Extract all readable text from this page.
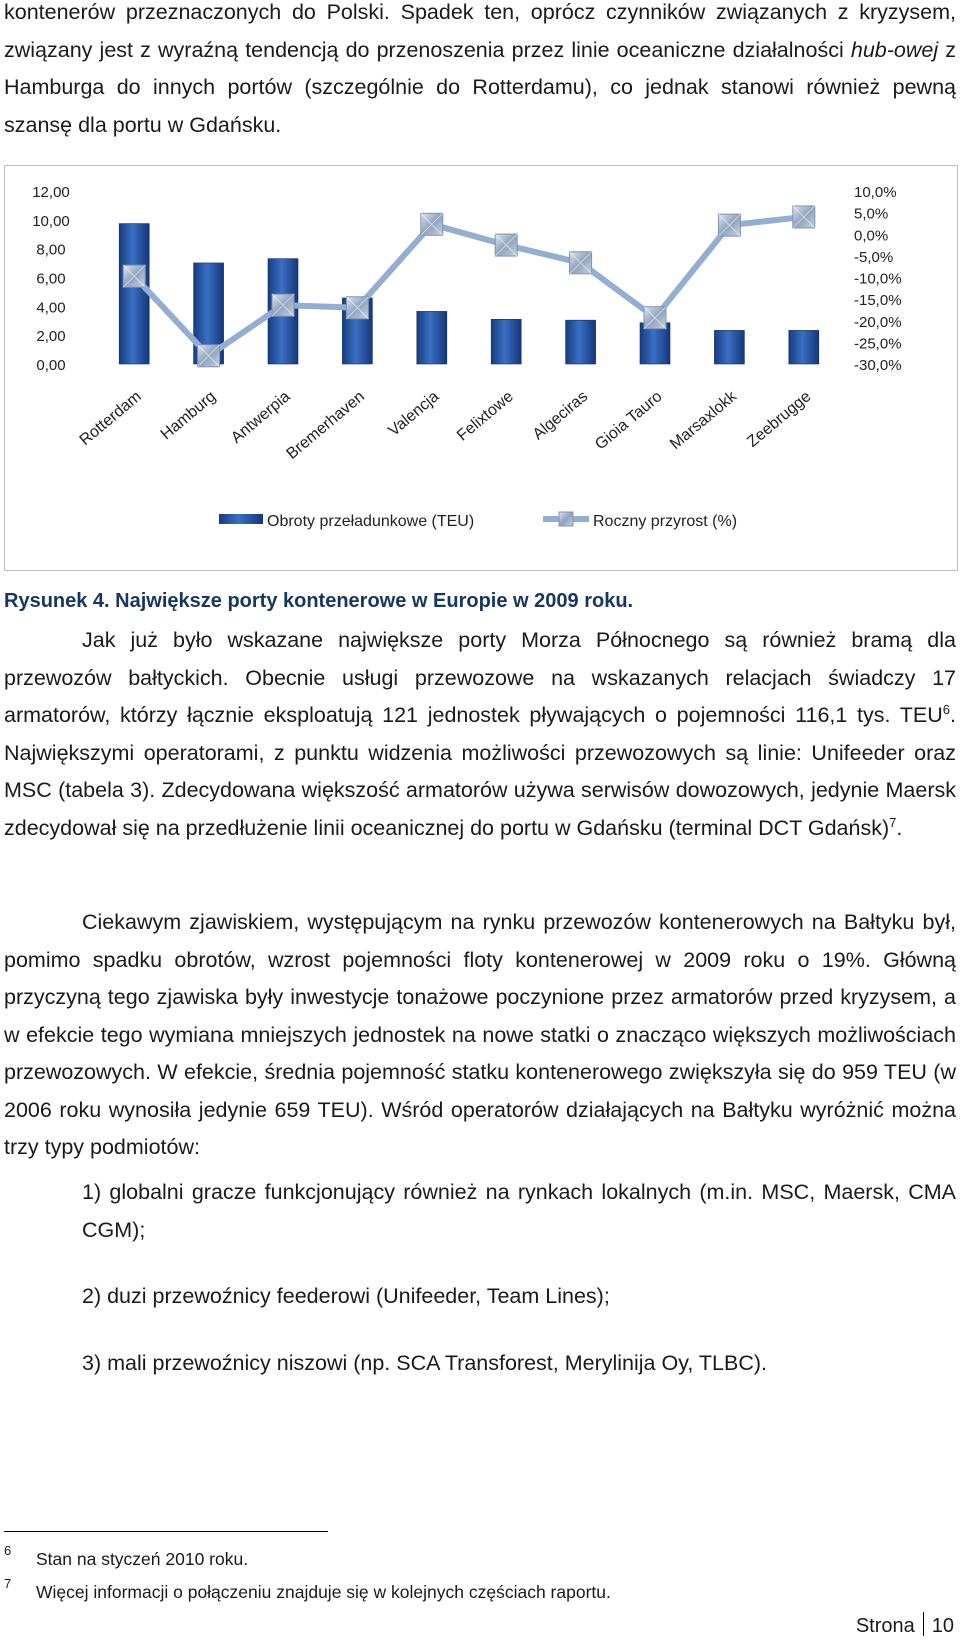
kontenerów przeznaczonych do Polski. Spadek ten, oprócz czynników związanych z kryzysem, związany jest z wyraźną tendencją do przenoszenia przez linie oceaniczne działalności hub-owej z Hamburga do innych portów (szczególnie do Rotterdamu), co jednak stanowi również pewną szansę dla portu w Gdańsku.

12,00
10,00
8,00
6,00
4,00
2,00
0,00
10,0%
5,0%
0,0%
-5,0%
-10,0%
-15,0%
-20,0%
-25,0%
-30,0%
Rotterdam Hamburg Antwerpia
Bremerhaven Valencja Felixtowe Algeciras Gioia Tauro Marsaxlokk Zeebrugge
Obroty przeładunkowe (TEU)	Roczny przyrost (%)
Rysunek 4. Największe porty kontenerowe w Europie w 2009 roku.

Jak już było wskazane największe porty Morza Północnego są również bramą dla przewozów bałtyckich. Obecnie usługi przewozowe na wskazanych relacjach świadczy 17 armatorów, którzy łącznie eksploatują 121 jednostek pływających o pojemności 116,1 tys. TEU$^6$. Największymi operatorami, z punktu widzenia możliwości przewozowych są linie: Unifeeder oraz MSC (tabela 3). Zdecydowana większość armatorów używa serwisów dowozowych, jedynie Maersk zdecydował się na przedłużenie linii oceanicznej do portu w Gdańsku (terminal DCT Gdańsk)$^7$.

Ciekawym zjawiskiem, występującym na rynku przewozów kontenerowych na Bałtyku był, pomimo spadku obrotów, wzrost pojemności floty kontenerowej w 2009 roku o 19%. Główną przyczyną tego zjawiska były inwestycje tonażowe poczynione przez armatorów przed kryzysem, a w efekcie tego wymiana mniejszych jednostek na nowe statki o znacząco większych możliwościach przewozowych. W efekcie, średnia pojemność statku kontenerowego zwiększyła się do 959 TEU (w 2006 roku wynosiła jedynie 659 TEU). Wśród operatorów działających na Bałtyku wyróżnić można trzy typy podmiotów:

1) globalni gracze funkcjonujący również na rynkach lokalnych (m.in. MSC, Maersk, CMA CGM);

2) duzi przewoźnicy feederowi (Unifeeder, Team Lines);

3) mali przewoźnicy niszowi (np. SCA Transforest, Merylinija Oy, TLBC).

6 Stan na styczeń 2010 roku.
7 Więcej informacji o połączeniu znajduje się w kolejnych częściach raportu.
Strona 10
